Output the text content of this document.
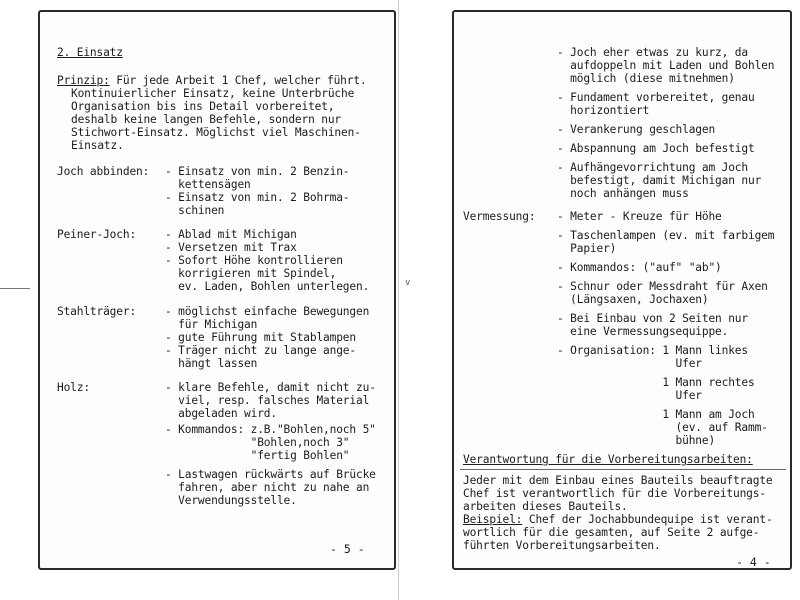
v
2. Einsatz
Prinzip: Für jede Arbeit 1 Chef, welcher führt.
Kontinuierlicher Einsatz, keine Unterbrüche
Organisation bis ins Detail vorbereitet,
deshalb keine langen Befehle, sondern nur
Stichwort-Einsatz. Möglichst viel Maschinen-
Einsatz.
Joch abbinden: - Einsatz von min. 2 Benzin-
kettensägen
- Einsatz von min. 2 Bohrma-
schinen
Peiner-Joch:	- Ablad mit Michigan
- Versetzen mit Trax
- Sofort Höhe kontrollieren
korrigieren mit Spindel,
ev. Laden, Bohlen unterlegen.
Stahlträger:	- möglichst einfache Bewegungen
für Michigan
- gute Führung mit Stablampen
- Träger nicht zu lange ange-
hängt lassen
Holz:	- klare Befehle, damit nicht zu-
viel, resp. falsches Material
abgeladen wird.
- Kommandos: z.B."Bohlen,noch 5"
"Bohlen,noch 3"
"fertig Bohlen"
- Lastwagen rückwärts auf Brücke
fahren, aber nicht zu nahe an
Verwendungsstelle.
- 5 -
- Joch eher etwas zu kurz, da
aufdoppeln mit Laden und Bohlen
möglich (diese mitnehmen)
- Fundament vorbereitet, genau
horizontiert
- Verankerung geschlagen
- Abspannung am Joch befestigt
- Aufhängevorrichtung am Joch
befestigt, damit Michigan nur
noch anhängen muss
Vermessung: - Meter - Kreuze für Höhe
- Taschenlampen (ev. mit farbigem
Papier)
- Kommandos: ("auf" "ab")
- Schnur oder Messdraht für Axen
(Längsaxen, Jochaxen)
- Bei Einbau von 2 Seiten nur
eine Vermessungsequippe.
- Organisation: 1 Mann linkes
Ufer
1 Mann rechtes
Ufer
1 Mann am Joch
(ev. auf Ramm-
bühne)
Verantwortung für die Vorbereitungsarbeiten:
Jeder mit dem Einbau eines Bauteils beauftragte
Chef ist verantwortlich für die Vorbereitungs-
arbeiten dieses Bauteils.
Beispiel: Chef der Jochabbundequipe ist verant-
wortlich für die gesamten, auf Seite 2 aufge-
führten Vorbereitungsarbeiten.
- 4 -
